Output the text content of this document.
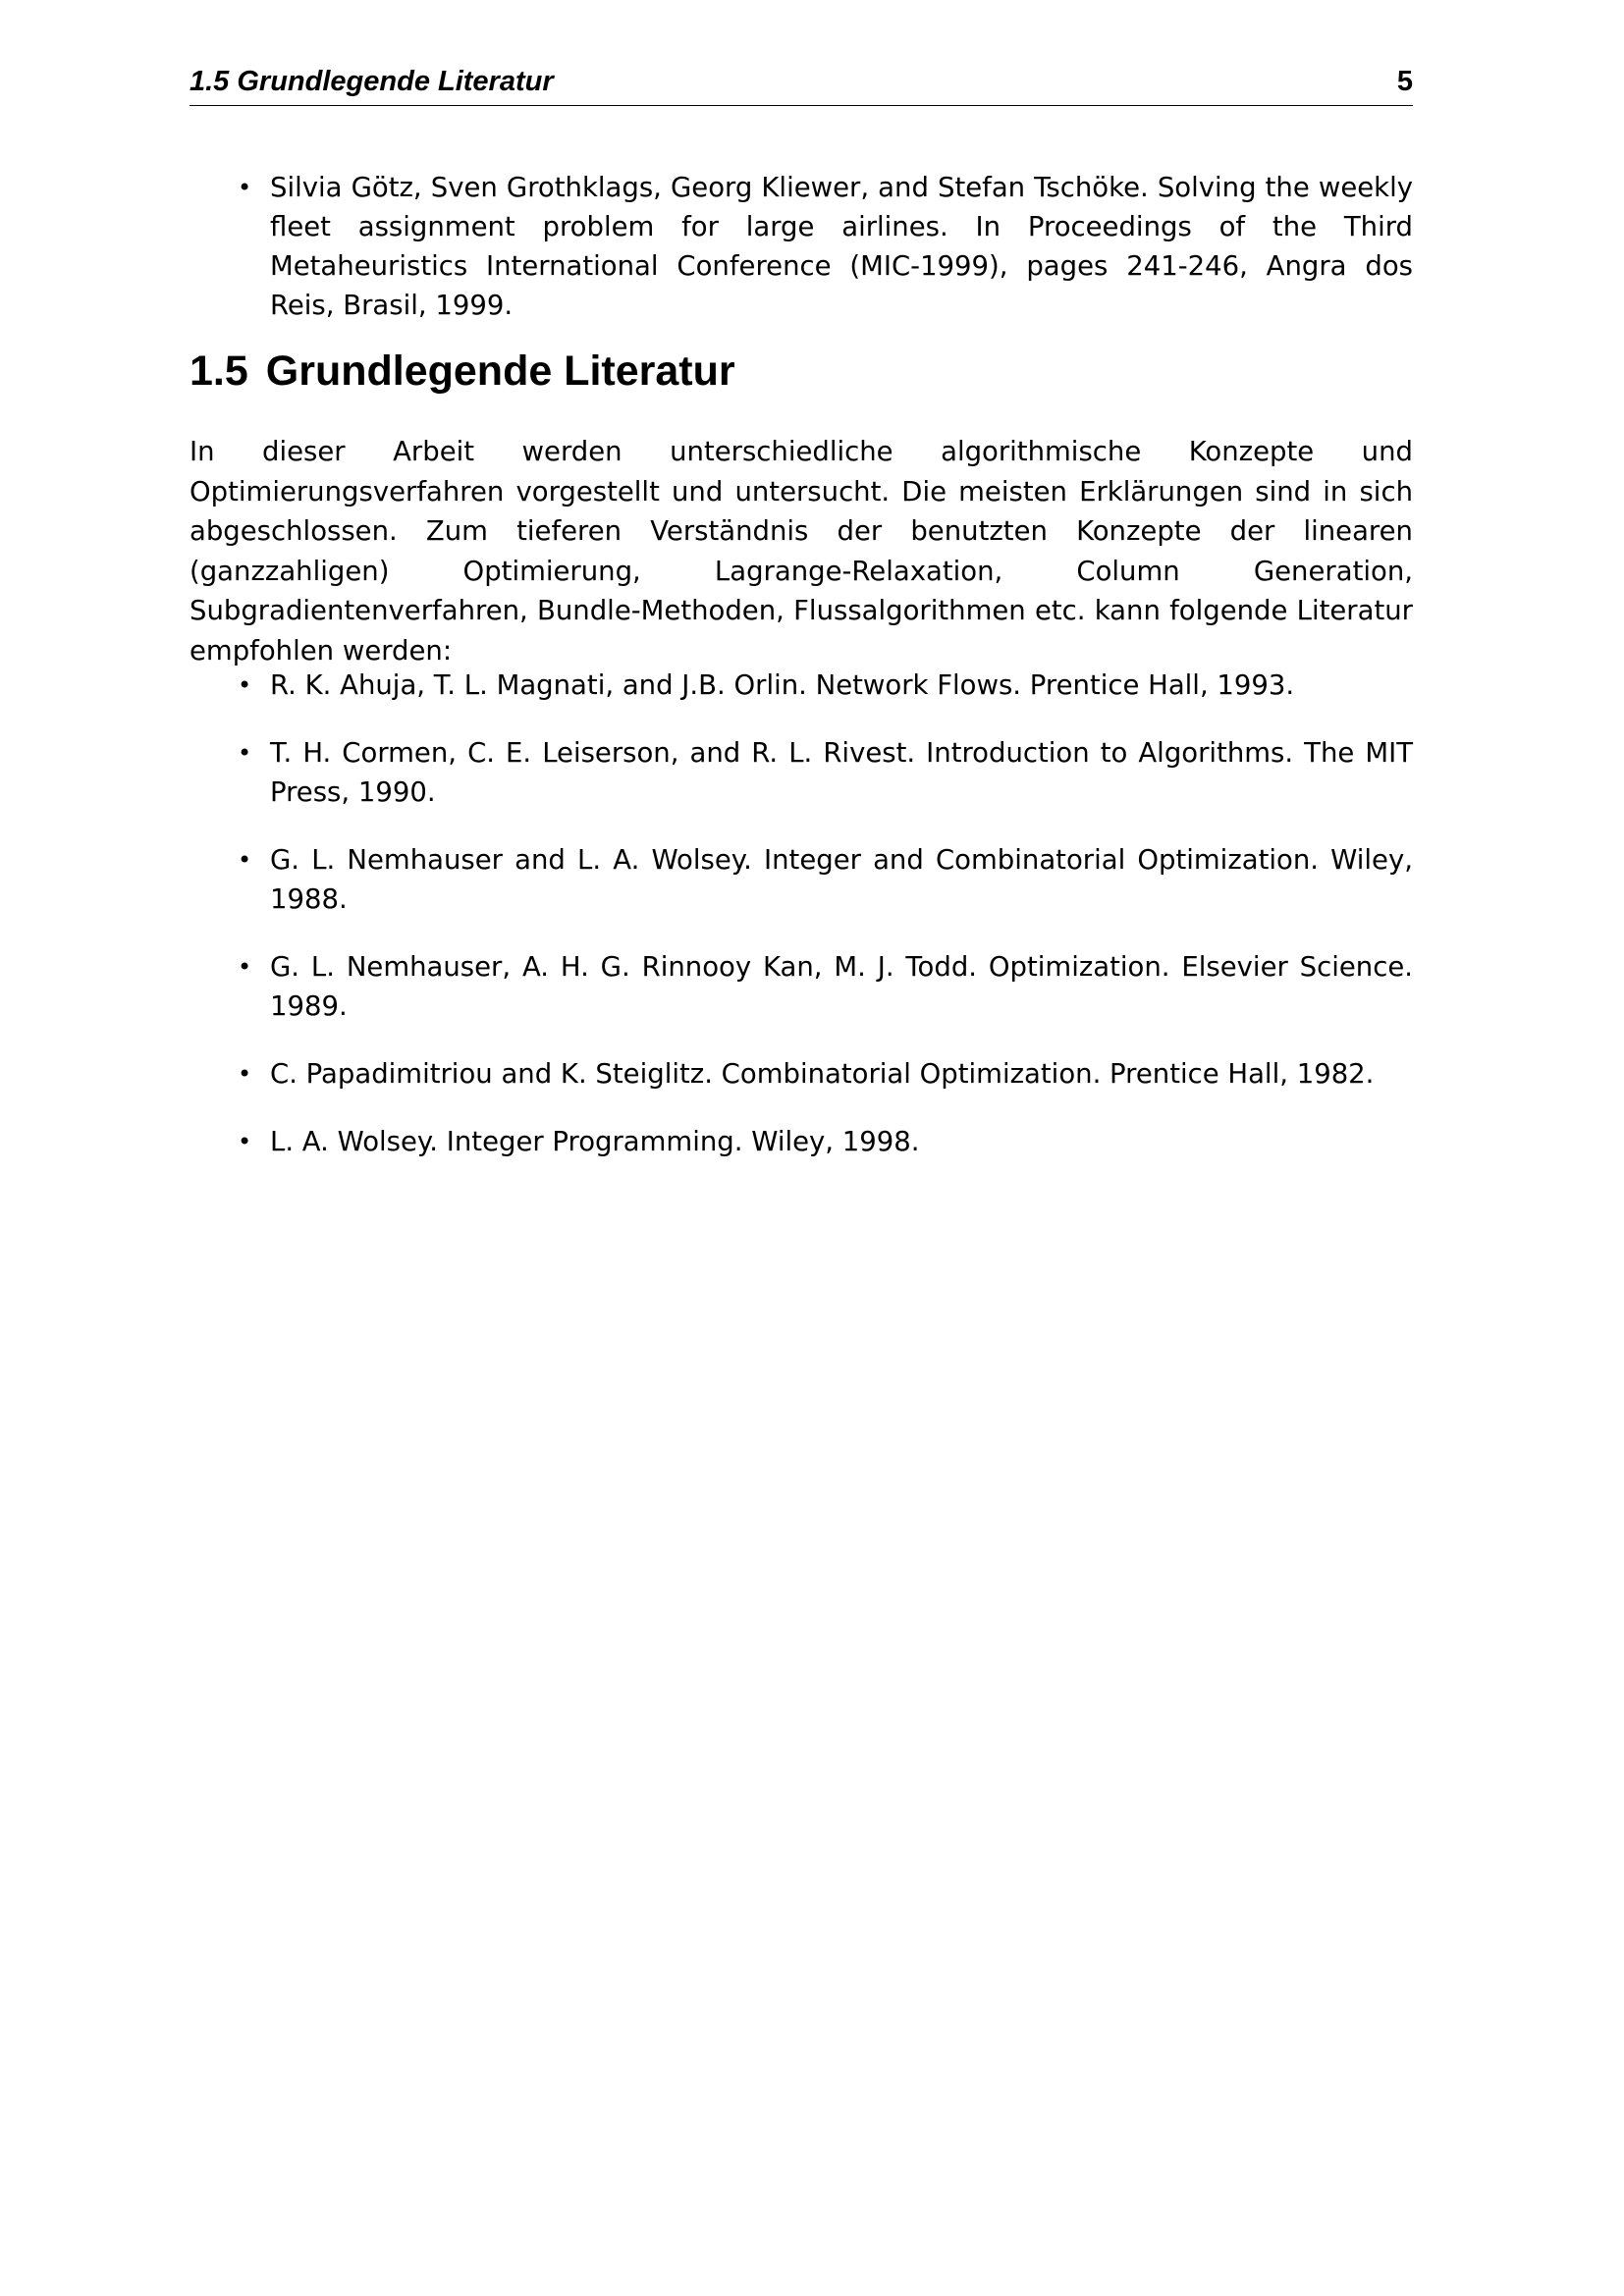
1.5 Grundlegende Literatur	5
• Silvia Götz, Sven Grothklags, Georg Kliewer, and Stefan Tschöke. Solving the weekly fleet assignment problem for large airlines. In Proceedings of the Third Metaheuristics International Conference (MIC-1999), pages 241-246, Angra dos Reis, Brasil, 1999.
1.5 Grundlegende Literatur

In dieser Arbeit werden unterschiedliche algorithmische Konzepte und Optimierungsverfahren vorgestellt und untersucht. Die meisten Erklärungen sind in sich abgeschlossen. Zum tieferen Verständnis der benutzten Konzepte der linearen (ganzzahligen) Optimierung, Lagrange-Relaxation, Column Generation, Subgradientenverfahren, Bundle-Methoden, Flussalgorithmen etc. kann folgende Literatur empfohlen werden:

• R. K. Ahuja, T. L. Magnati, and J.B. Orlin. Network Flows. Prentice Hall, 1993.
• T. H. Cormen, C. E. Leiserson, and R. L. Rivest. Introduction to Algorithms. The MIT Press, 1990.
• G. L. Nemhauser and L. A. Wolsey. Integer and Combinatorial Optimization. Wiley, 1988.
• G. L. Nemhauser, A. H. G. Rinnooy Kan, M. J. Todd. Optimization. Elsevier Science. 1989.
• C. Papadimitriou and K. Steiglitz. Combinatorial Optimization. Prentice Hall, 1982.
• L. A. Wolsey. Integer Programming. Wiley, 1998.
